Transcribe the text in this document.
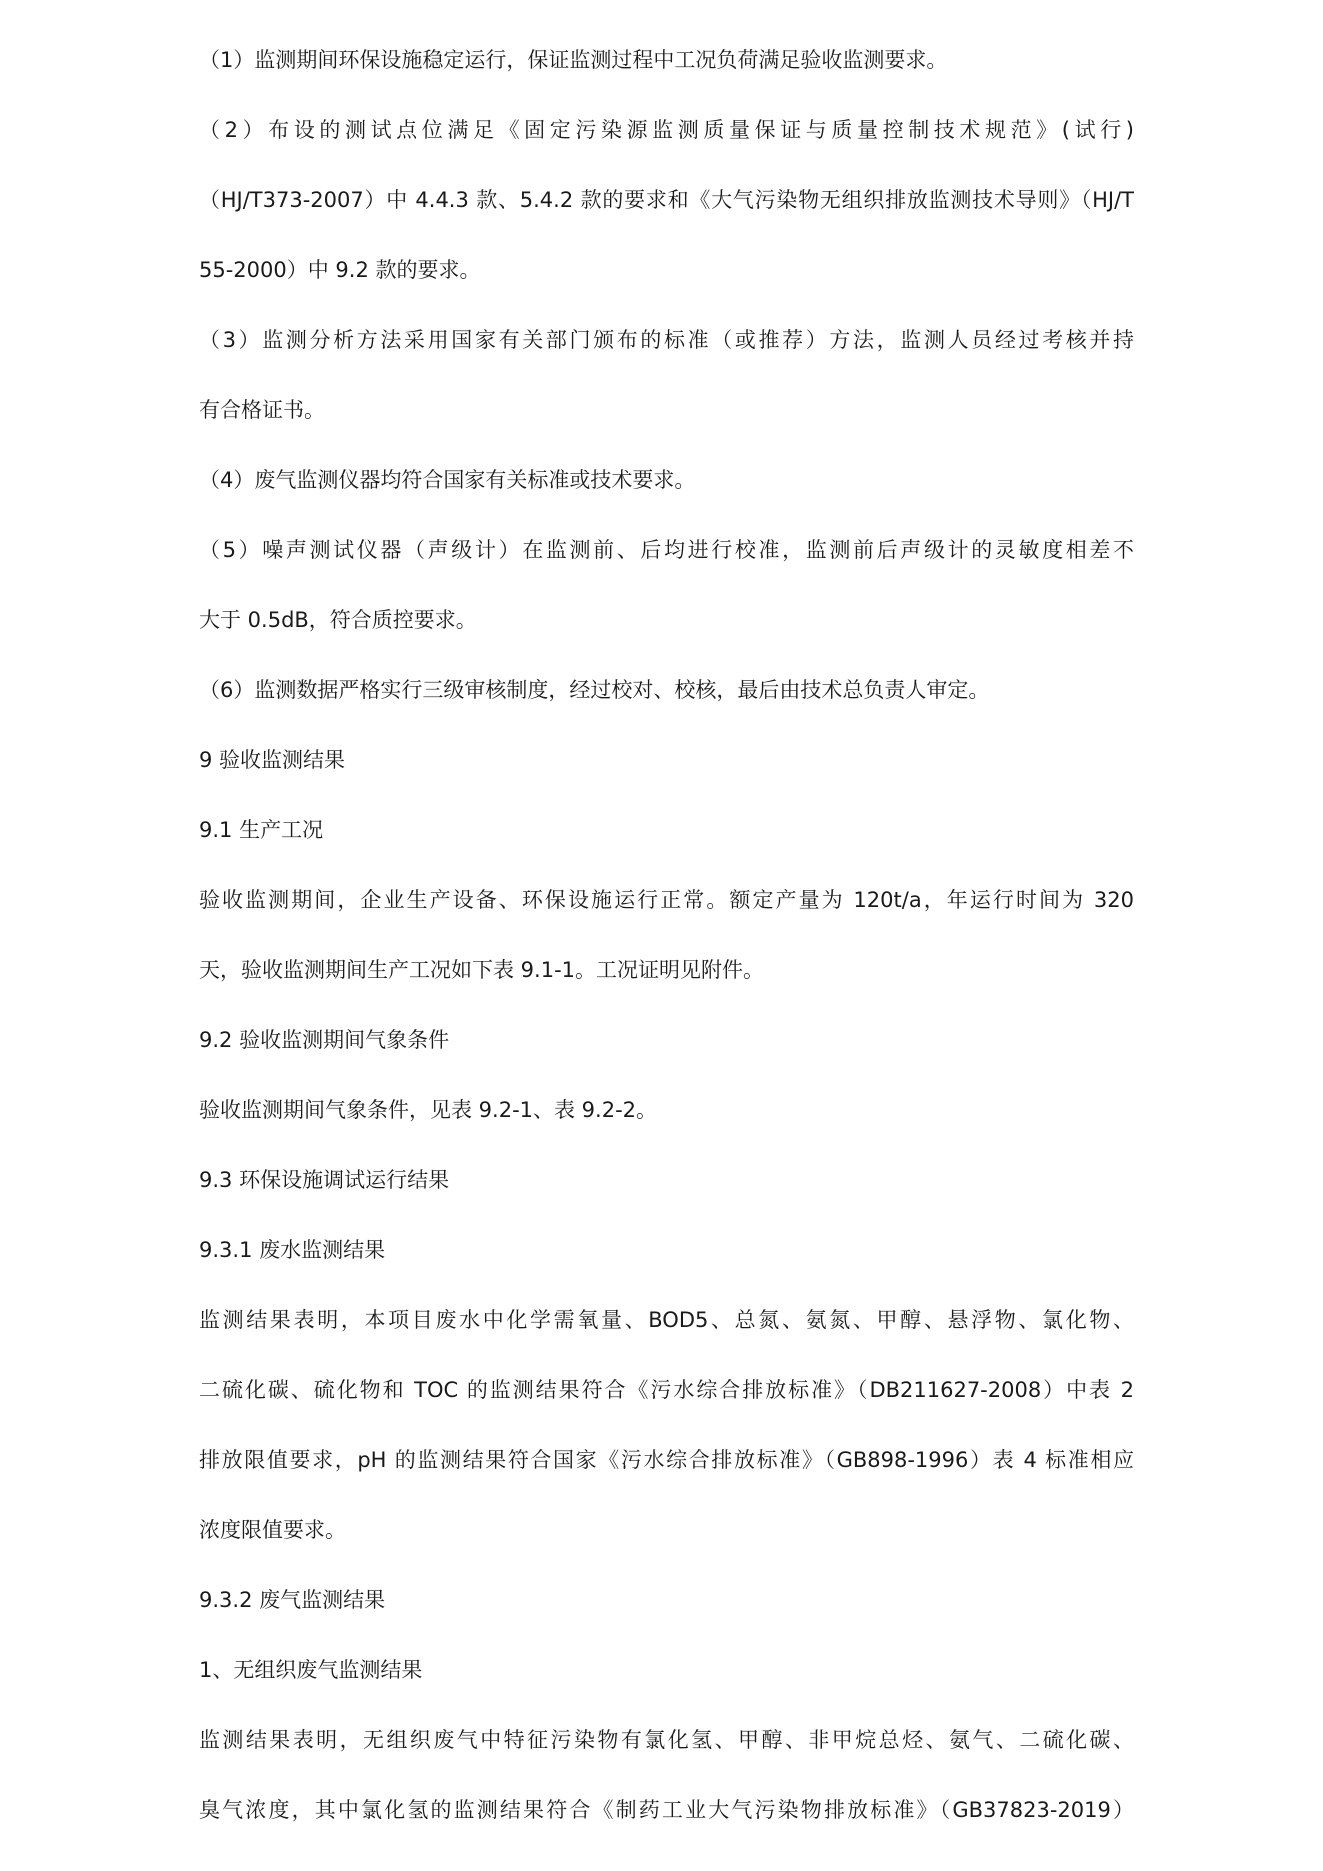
（1）监测期间环保设施稳定运行，保证监测过程中工况负荷满足验收监测要求。

（2）布设的测试点位满足《固定污染源监测质量保证与质量控制技术规范》(试行)

（HJ/T373-2007）中 4.4.3 款、5.4.2 款的要求和《大气污染物无组织排放监测技术导则》（HJ/T

55-2000）中 9.2 款的要求。

（3）监测分析方法采用国家有关部门颁布的标准（或推荐）方法，监测人员经过考核并持

有合格证书。

（4）废气监测仪器均符合国家有关标准或技术要求。

（5）噪声测试仪器（声级计）在监测前、后均进行校准，监测前后声级计的灵敏度相差不

大于 0.5dB，符合质控要求。

（6）监测数据严格实行三级审核制度，经过校对、校核，最后由技术总负责人审定。

9 验收监测结果

9.1 生产工况

验收监测期间，企业生产设备、环保设施运行正常。额定产量为 120t/a，年运行时间为 320

天，验收监测期间生产工况如下表 9.1-1。工况证明见附件。

9.2 验收监测期间气象条件

验收监测期间气象条件，见表 9.2-1、表 9.2-2。

9.3 环保设施调试运行结果

9.3.1 废水监测结果

监测结果表明，本项目废水中化学需氧量、BOD5、总氮、氨氮、甲醇、悬浮物、氯化物、

二硫化碳、硫化物和 TOC 的监测结果符合《污水综合排放标准》（DB211627-2008）中表 2

排放限值要求，pH 的监测结果符合国家《污水综合排放标准》（GB898-1996）表 4 标准相应

浓度限值要求。

9.3.2 废气监测结果

1、无组织废气监测结果

监测结果表明，无组织废气中特征污染物有氯化氢、甲醇、非甲烷总烃、氨气、二硫化碳、

臭气浓度，其中氯化氢的监测结果符合《制药工业大气污染物排放标准》（GB37823-2019）
